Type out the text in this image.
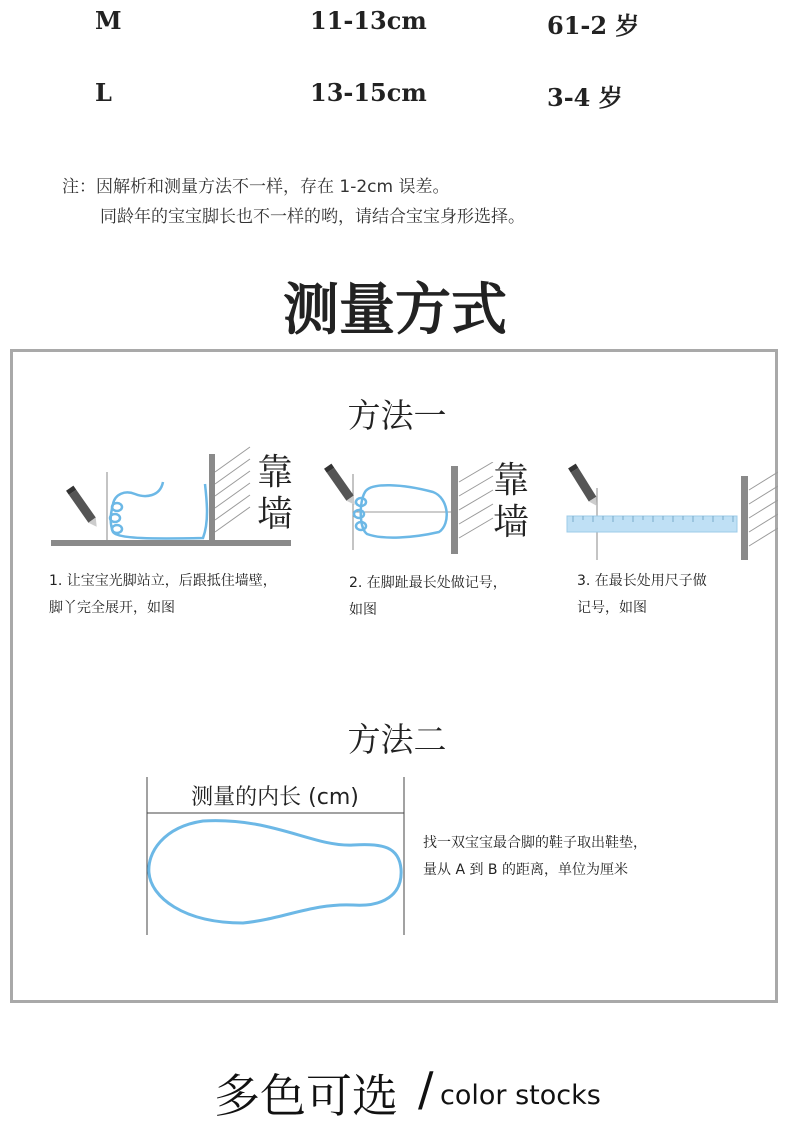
M	11-13cm	61-2 岁
L	13-15cm	3-4 岁
注：因解析和测量方法不一样，存在 1-2cm 误差。
同龄年的宝宝脚长也不一样的哟，请结合宝宝身形选择。
测量方式
方法一
靠
墙
靠
墙
1. 让宝宝光脚站立，后跟抵住墙壁，
脚丫完全展开，如图
2. 在脚趾最长处做记号，
如图
3. 在最长处用尺子做
记号，如图
方法二
测量的内长 (cm)
找一双宝宝最合脚的鞋子取出鞋垫，
量从 A 到 B 的距离，单位为厘米
多色可选 / color stocks
